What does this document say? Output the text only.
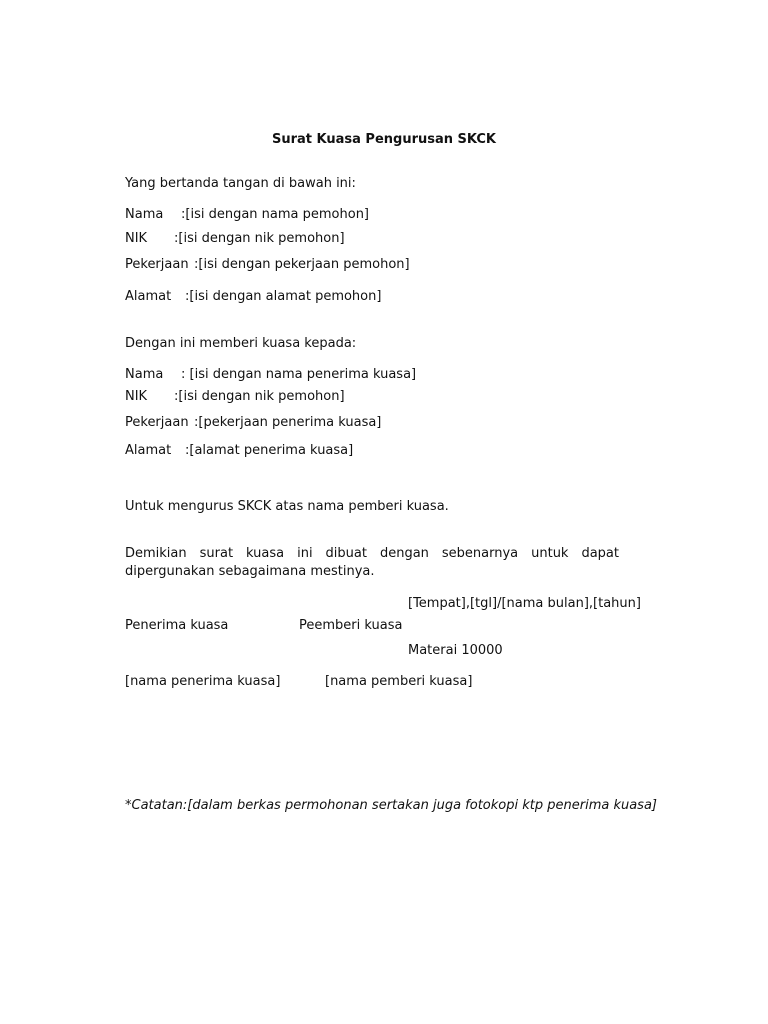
Surat Kuasa Pengurusan SKCK
Yang bertanda tangan di bawah ini:
Nama :[isi dengan nama pemohon]
NIK :[isi dengan nik pemohon]
Pekerjaan :[isi dengan pekerjaan pemohon]
Alamat :[isi dengan alamat pemohon]
Dengan ini memberi kuasa kepada:
Nama : [isi dengan nama penerima kuasa]
NIK :[isi dengan nik pemohon]
Pekerjaan :[pekerjaan penerima kuasa]
Alamat :[alamat penerima kuasa]
Untuk mengurus SKCK atas nama pemberi kuasa.
Demikian surat kuasa ini dibuat dengan sebenarnya untuk dapat dipergunakan sebagaimana mestinya.
[Tempat],[tgl]/[nama bulan],[tahun]
Penerima kuasa	Peemberi kuasa
Materai 10000
[nama penerima kuasa]	[nama pemberi kuasa]
*Catatan:[dalam berkas permohonan sertakan juga fotokopi ktp penerima kuasa]
